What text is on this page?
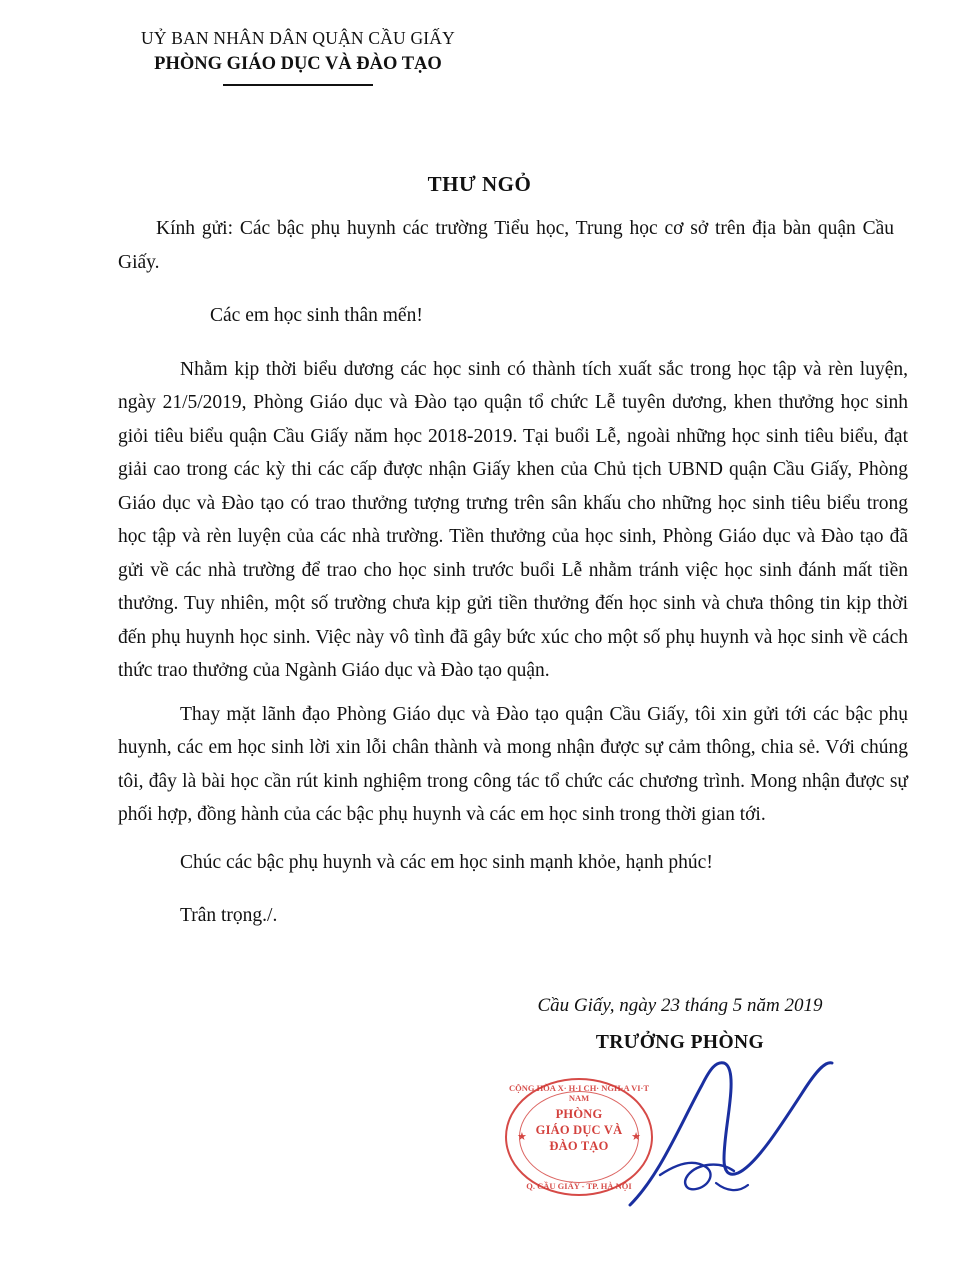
UỶ BAN NHÂN DÂN QUẬN CẦU GIẤY
PHÒNG GIÁO DỤC VÀ ĐÀO TẠO
THƯ NGỎ

Kính gửi: Các bậc phụ huynh các trường Tiểu học, Trung học cơ sở trên địa bàn quận Cầu Giấy.

Các em học sinh thân mến!

Nhằm kịp thời biểu dương các học sinh có thành tích xuất sắc trong học tập và rèn luyện, ngày 21/5/2019, Phòng Giáo dục và Đào tạo quận tổ chức Lễ tuyên dương, khen thưởng học sinh giỏi tiêu biểu quận Cầu Giấy năm học 2018-2019. Tại buổi Lễ, ngoài những học sinh tiêu biểu, đạt giải cao trong các kỳ thi các cấp được nhận Giấy khen của Chủ tịch UBND quận Cầu Giấy, Phòng Giáo dục và Đào tạo có trao thưởng tượng trưng trên sân khấu cho những học sinh tiêu biểu trong học tập và rèn luyện của các nhà trường. Tiền thưởng của học sinh, Phòng Giáo dục và Đào tạo đã gửi về các nhà trường để trao cho học sinh trước buổi Lễ nhằm tránh việc học sinh đánh mất tiền thưởng. Tuy nhiên, một số trường chưa kịp gửi tiền thưởng đến học sinh và chưa thông tin kịp thời đến phụ huynh học sinh. Việc này vô tình đã gây bức xúc cho một số phụ huynh và học sinh về cách thức trao thưởng của Ngành Giáo dục và Đào tạo quận.

Thay mặt lãnh đạo Phòng Giáo dục và Đào tạo quận Cầu Giấy, tôi xin gửi tới các bậc phụ huynh, các em học sinh lời xin lỗi chân thành và mong nhận được sự cảm thông, chia sẻ. Với chúng tôi, đây là bài học cần rút kinh nghiệm trong công tác tổ chức các chương trình. Mong nhận được sự phối hợp, đồng hành của các bậc phụ huynh và các em học sinh trong thời gian tới.

Chúc các bậc phụ huynh và các em học sinh mạnh khỏe, hạnh phúc!

Trân trọng./.

Cầu Giấy, ngày 23 tháng 5 năm 2019
TRƯỞNG PHÒNG
CỘNG HÒA X· H·I CH· NGH·A VI·T NAM
★	★
PHÒNG
GIÁO DỤC VÀ
ĐÀO TẠO
Q. CẦU GIẤY - TP. HÀ NỘI
